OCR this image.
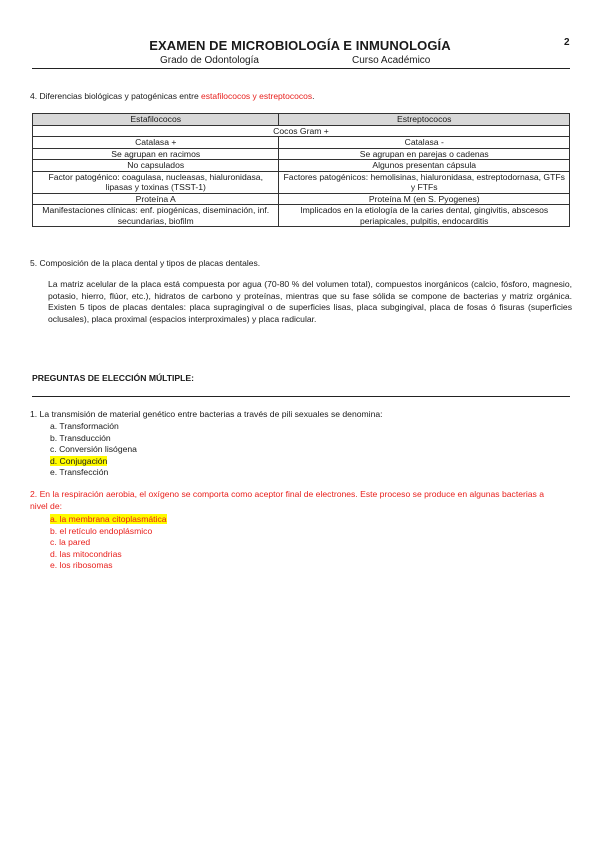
2
EXAMEN DE MICROBIOLOGÍA E INMUNOLOGÍA
Grado de Odontología	Curso Académico
4. Diferencias biológicas y patogénicas entre estafilococos y estreptococos.
Estafilococos	Estreptococos
Cocos Gram +	
Catalasa +	Catalasa -
Se agrupan en racimos	Se agrupan en parejas o cadenas
No capsulados	Algunos presentan cápsula
Factor patogénico: coagulasa, nucleasas, hialuronidasa, lipasas y toxinas (TSST-1)	Factores patogénicos: hemolisinas, hialuronidasa, estreptodornasa, GTFs y FTFs
Proteína A	Proteína M (en S. Pyogenes)
Manifestaciones clínicas: enf. piogénicas, diseminación, inf. secundarias, biofilm	Implicados en la etiología de la caries dental, gingivitis, abscesos periapicales, pulpitis, endocarditis
5. Composición de la placa dental y tipos de placas dentales.
La matriz acelular de la placa está compuesta por agua (70-80 % del volumen total), compuestos inorgánicos (calcio, fósforo, magnesio, potasio, hierro, flúor, etc.), hidratos de carbono y proteínas, mientras que su fase sólida se compone de bacterias y matriz orgánica. Existen 5 tipos de placas dentales: placa supragingival o de superficies lisas, placa subgingival, placa de fosas ó fisuras (superficies oclusales), placa proximal (espacios interproximales) y placa radicular.
PREGUNTAS DE ELECCIÓN MÚLTIPLE:
1. La transmisión de material genético entre bacterias a través de pili sexuales se denomina:
a. Transformación
b. Transducción
c. Conversión lisógena
d. Conjugación
e. Transfección
2. En la respiración aerobia, el oxígeno se comporta como aceptor final de electrones. Este proceso se produce en algunas bacterias a nivel de:
a. la membrana citoplasmática
b. el retículo endoplásmico
c. la pared
d. las mitocondrias
e. los ribosomas
